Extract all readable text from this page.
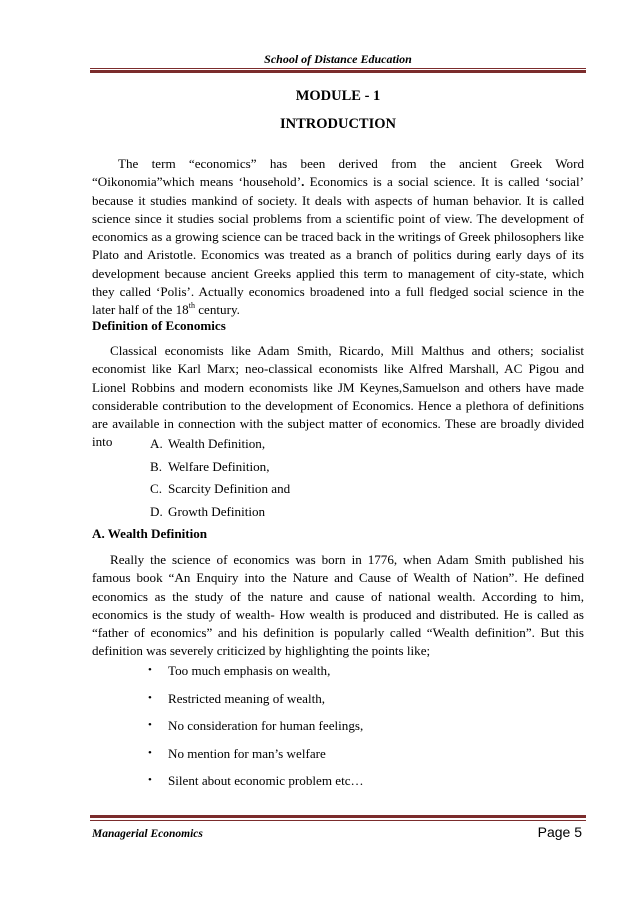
School of Distance Education
MODULE - 1
INTRODUCTION
The term “economics” has been derived from the ancient Greek Word “Oikonomia”which means ‘household’. Economics is a social science. It is called ‘social’ because it studies mankind of society. It deals with aspects of human behavior. It is called science since it studies social problems from a scientific point of view. The development of economics as a growing science can be traced back in the writings of Greek philosophers like Plato and Aristotle. Economics was treated as a branch of politics during early days of its development because ancient Greeks applied this term to management of city-state, which they called ‘Polis’. Actually economics broadened into a full fledged social science in the later half of the 18th century.
Definition of Economics
Classical economists like Adam Smith, Ricardo, Mill Malthus and others; socialist economist like Karl Marx; neo-classical economists like Alfred Marshall, AC Pigou and Lionel Robbins and modern economists like JM Keynes,Samuelson and others have made considerable contribution to the development of Economics. Hence a plethora of definitions are available in connection with the subject matter of economics. These are broadly divided into	A. Wealth Definition,
B. Welfare Definition,
C. Scarcity Definition and
D. Growth Definition
A. Wealth Definition
Really the science of economics was born in 1776, when Adam Smith published his famous book “An Enquiry into the Nature and Cause of Wealth of Nation”. He defined economics as the study of the nature and cause of national wealth. According to him, economics is the study of wealth- How wealth is produced and distributed. He is called as “father of economics” and his definition is popularly called “Wealth definition”. But this definition was severely criticized by highlighting the points like;
•	Too much emphasis on wealth,
•	Restricted meaning of wealth,
•	No consideration for human feelings,
•	No mention for man’s welfare
•	Silent about economic problem etc…
Managerial Economics	Page 5
